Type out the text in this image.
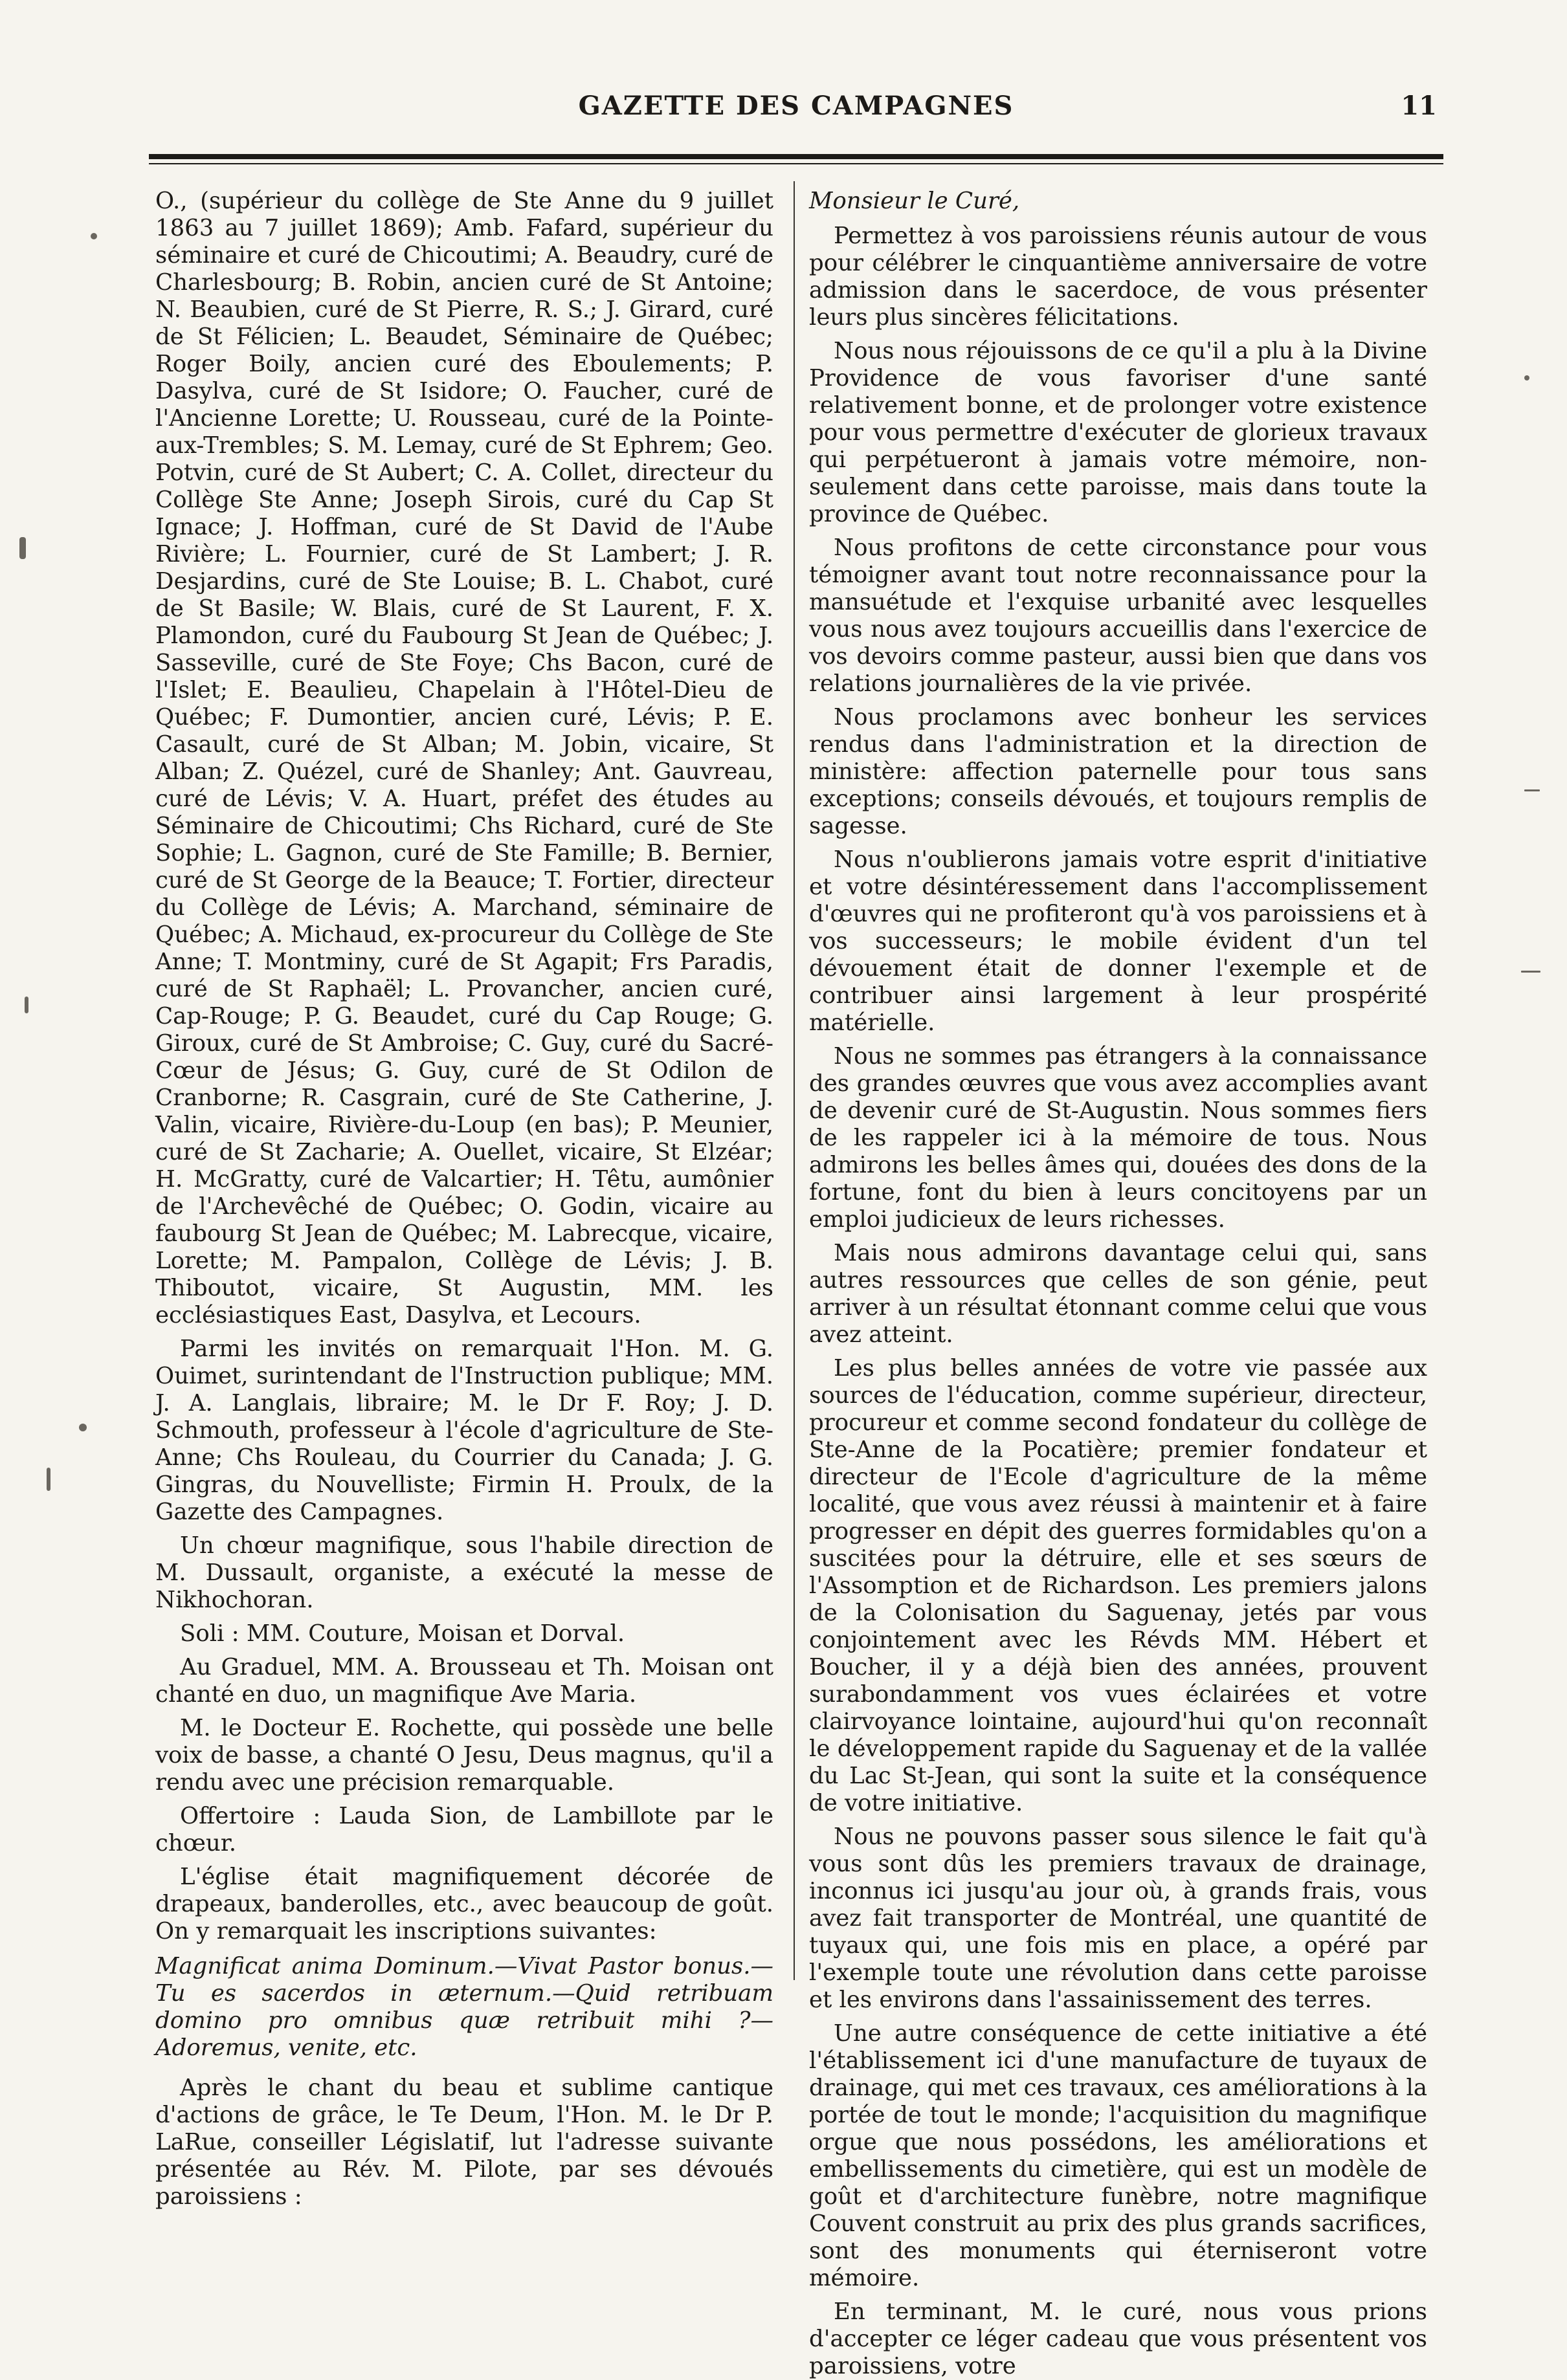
GAZETTE DES CAMPAGNES	11

O., (supérieur du collège de Ste Anne du 9 juillet 1863 au 7 juillet 1869); Amb. Fafard, supérieur du séminaire et curé de Chicoutimi; A. Beaudry, curé de Charlesbourg; B. Robin, ancien curé de St Antoine; N. Beaubien, curé de St Pierre, R. S.; J. Girard, curé de St Félicien; L. Beaudet, Séminaire de Québec; Roger Boily, ancien curé des Eboulements; P. Dasylva, curé de St Isidore; O. Faucher, curé de l'Ancienne Lorette; U. Rousseau, curé de la Pointe-aux-Trembles; S. M. Lemay, curé de St Ephrem; Geo. Potvin, curé de St Aubert; C. A. Collet, directeur du Collège Ste Anne; Joseph Sirois, curé du Cap St Ignace; J. Hoffman, curé de St David de l'Aube Rivière; L. Fournier, curé de St Lambert; J. R. Desjardins, curé de Ste Louise; B. L. Chabot, curé de St Basile; W. Blais, curé de St Laurent, F. X. Plamondon, curé du Faubourg St Jean de Québec; J. Sasseville, curé de Ste Foye; Chs Bacon, curé de l'Islet; E. Beaulieu, Chapelain à l'Hôtel-Dieu de Québec; F. Dumontier, ancien curé, Lévis; P. E. Casault, curé de St Alban; M. Jobin, vicaire, St Alban; Z. Quézel, curé de Shanley; Ant. Gauvreau, curé de Lévis; V. A. Huart, préfet des études au Séminaire de Chicoutimi; Chs Richard, curé de Ste Sophie; L. Gagnon, curé de Ste Famille; B. Bernier, curé de St George de la Beauce; T. Fortier, directeur du Collège de Lévis; A. Marchand, séminaire de Québec; A. Michaud, ex-procureur du Collège de Ste Anne; T. Montminy, curé de St Agapit; Frs Paradis, curé de St Raphaël; L. Provancher, ancien curé, Cap-Rouge; P. G. Beaudet, curé du Cap Rouge; G. Giroux, curé de St Ambroise; C. Guy, curé du Sacré-Cœur de Jésus; G. Guy, curé de St Odilon de Cranborne; R. Casgrain, curé de Ste Catherine, J. Valin, vicaire, Rivière-du-Loup (en bas); P. Meunier, curé de St Zacharie; A. Ouellet, vicaire, St Elzéar; H. McGratty, curé de Valcartier; H. Têtu, aumônier de l'Archevêché de Québec; O. Godin, vicaire au faubourg St Jean de Québec; M. Labrecque, vicaire, Lorette; M. Pampalon, Collège de Lévis; J. B. Thiboutot, vicaire, St Augustin, MM. les ecclésiastiques East, Dasylva, et Lecours.

Parmi les invités on remarquait l'Hon. M. G. Ouimet, surintendant de l'Instruction publique; MM. J. A. Langlais, libraire; M. le Dr F. Roy; J. D. Schmouth, professeur à l'école d'agriculture de Ste-Anne; Chs Rouleau, du Courrier du Canada; J. G. Gingras, du Nouvelliste; Firmin H. Proulx, de la Gazette des Campagnes.

Un chœur magnifique, sous l'habile direction de M. Dussault, organiste, a exécuté la messe de Nikhochoran.

Soli : MM. Couture, Moisan et Dorval.

Au Graduel, MM. A. Brousseau et Th. Moisan ont chanté en duo, un magnifique Ave Maria.

M. le Docteur E. Rochette, qui possède une belle voix de basse, a chanté O Jesu, Deus magnus, qu'il a rendu avec une précision remarquable.

Offertoire : Lauda Sion, de Lambillote par le chœur.

L'église était magnifiquement décorée de drapeaux, banderolles, etc., avec beaucoup de goût. On y remarquait les inscriptions suivantes:

Magnificat anima Dominum.—Vivat Pastor bonus.— Tu es sacerdos in æternum.—Quid retribuam domino pro omnibus quæ retribuit mihi ?—Adoremus, venite, etc.

Après le chant du beau et sublime cantique d'actions de grâce, le Te Deum, l'Hon. M. le Dr P. LaRue, conseiller Législatif, lut l'adresse suivante présentée au Rév. M. Pilote, par ses dévoués paroissiens :

Monsieur le Curé,

Permettez à vos paroissiens réunis autour de vous pour célébrer le cinquantième anniversaire de votre admission dans le sacerdoce, de vous présenter leurs plus sincères félicitations.

Nous nous réjouissons de ce qu'il a plu à la Divine Providence de vous favoriser d'une santé relativement bonne, et de prolonger votre existence pour vous permettre d'exécuter de glorieux travaux qui perpétueront à jamais votre mémoire, non-seulement dans cette paroisse, mais dans toute la province de Québec.

Nous profitons de cette circonstance pour vous témoigner avant tout notre reconnaissance pour la mansuétude et l'exquise urbanité avec lesquelles vous nous avez toujours accueillis dans l'exercice de vos devoirs comme pasteur, aussi bien que dans vos relations journalières de la vie privée.

Nous proclamons avec bonheur les services rendus dans l'administration et la direction de ministère: affection paternelle pour tous sans exceptions; conseils dévoués, et toujours remplis de sagesse.

Nous n'oublierons jamais votre esprit d'initiative et votre désintéressement dans l'accomplissement d'œuvres qui ne profiteront qu'à vos paroissiens et à vos successeurs; le mobile évident d'un tel dévouement était de donner l'exemple et de contribuer ainsi largement à leur prospérité matérielle.

Nous ne sommes pas étrangers à la connaissance des grandes œuvres que vous avez accomplies avant de devenir curé de St-Augustin. Nous sommes fiers de les rappeler ici à la mémoire de tous. Nous admirons les belles âmes qui, douées des dons de la fortune, font du bien à leurs concitoyens par un emploi judicieux de leurs richesses.

Mais nous admirons davantage celui qui, sans autres ressources que celles de son génie, peut arriver à un résultat étonnant comme celui que vous avez atteint.

Les plus belles années de votre vie passée aux sources de l'éducation, comme supérieur, directeur, procureur et comme second fondateur du collège de Ste-Anne de la Pocatière; premier fondateur et directeur de l'Ecole d'agriculture de la même localité, que vous avez réussi à maintenir et à faire progresser en dépit des guerres formidables qu'on a suscitées pour la détruire, elle et ses sœurs de l'Assomption et de Richardson. Les premiers jalons de la Colonisation du Saguenay, jetés par vous conjointement avec les Révds MM. Hébert et Boucher, il y a déjà bien des années, prouvent surabondamment vos vues éclairées et votre clairvoyance lointaine, aujourd'hui qu'on reconnaît le développement rapide du Saguenay et de la vallée du Lac St-Jean, qui sont la suite et la conséquence de votre initiative.

Nous ne pouvons passer sous silence le fait qu'à vous sont dûs les premiers travaux de drainage, inconnus ici jusqu'au jour où, à grands frais, vous avez fait transporter de Montréal, une quantité de tuyaux qui, une fois mis en place, a opéré par l'exemple toute une révolution dans cette paroisse et les environs dans l'assainissement des terres.

Une autre conséquence de cette initiative a été l'établissement ici d'une manufacture de tuyaux de drainage, qui met ces travaux, ces améliorations à la portée de tout le monde; l'acquisition du magnifique orgue que nous possédons, les améliorations et embellissements du cimetière, qui est un modèle de goût et d'architecture funèbre, notre magnifique Couvent construit au prix des plus grands sacrifices, sont des monuments qui éterniseront votre mémoire.

En terminant, M. le curé, nous vous prions d'accepter ce léger cadeau que vous présentent vos paroissiens, votre
